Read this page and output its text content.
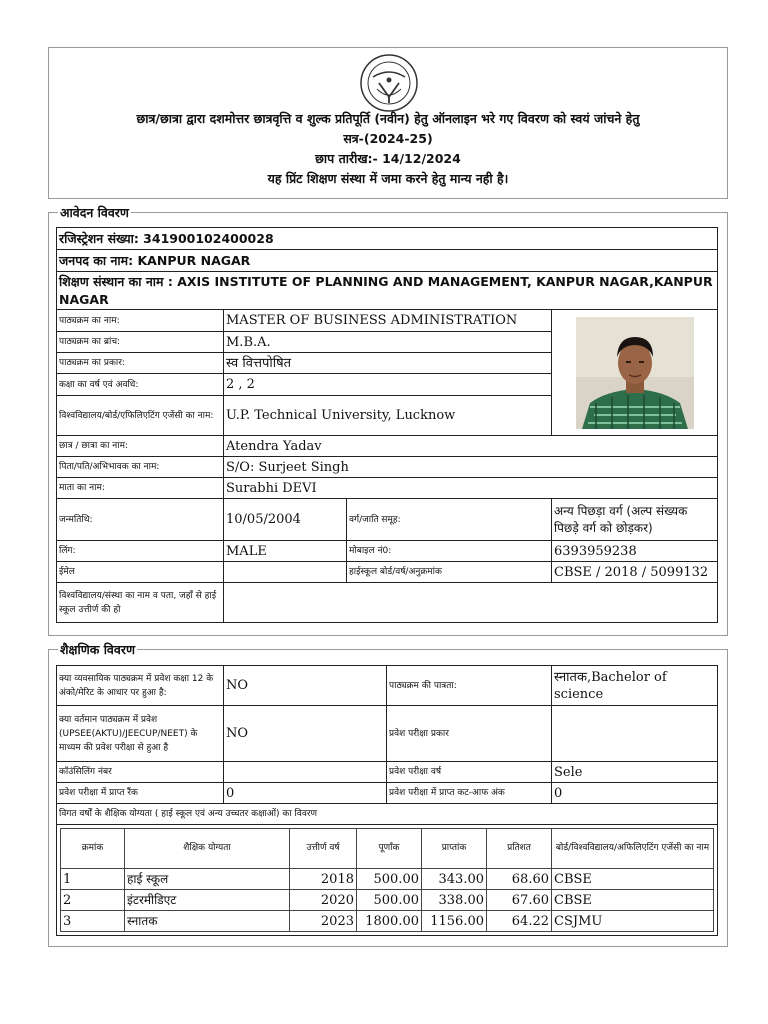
छात्र/छात्रा द्वारा दशमोत्तर छात्रवृत्ति व शुल्क प्रतिपूर्ति (नवीन) हेतु ऑनलाइन भरे गए विवरण को स्वयं जांचने हेतु
सत्र-(2024-25)
छाप तारीख:- 14/12/2024
यह प्रिंट शिक्षण संस्था में जमा करने हेतु मान्य नही है।
आवेदन विवरण
रजिस्ट्रेशन संख्या: 341900102400028			
जनपद का नाम: KANPUR NAGAR			
शिक्षण संस्थान का नाम : AXIS INSTITUTE OF PLANNING AND MANAGEMENT, KANPUR NAGAR,KANPUR NAGAR			
पाठ्यक्रम का नाम:	MASTER OF BUSINESS ADMINISTRATION	

पाठ्यक्रम का ब्रांच:	M.B.A.		
पाठ्यक्रम का प्रकार:	स्व वित्तपोषित		
कक्षा का वर्ष एवं अवधि:	2 , 2		
विश्वविद्यालय/बोर्ड/एफिलिएटिंग एजेंसी का नाम:	U.P. Technical University, Lucknow		
छात्र / छात्रा का नाम:	Atendra Yadav		
पिता/पति/अभिभावक का नाम:	S/O: Surjeet Singh		
माता का नाम:	Surabhi DEVI		
जन्मतिथि:	10/05/2004	वर्ग/जाति समूह:	अन्य पिछड़ा वर्ग (अल्प संख्यक पिछड़े वर्ग को छोड़कर)
लिंग:	MALE	मोबाइल नं0:	6393959238
ईमेल		हाईस्कूल बोर्ड/वर्ष/अनुक्रमांक	CBSE / 2018 / 5099132
विश्वविद्यालय/संस्था का नाम व पता, जहाँ से हाई स्कूल उत्तीर्ण की हो			
शैक्षणिक विवरण
क्या व्यवसायिक पाठ्यक्रम में प्रवेश कक्षा 12 के अंको/मेरिट के आधार पर हुआ है:	NO	पाठ्यक्रम की पात्रता:	स्नातक,Bachelor of science
क्या वर्तमान पाठ्यक्रम में प्रवेश (UPSEE(AKTU)/JEECUP/NEET) के माध्यम की प्रवेश परीक्षा से हुआ है	NO	प्रवेश परीक्षा प्रकार	
कॉउंसिलिंग नंबर		प्रवेश परीक्षा वर्ष	Sele
प्रवेश परीक्षा में प्राप्त रैंक	0	प्रवेश परीक्षा में प्राप्त कट-आफ अंक	0
विगत वर्षों के शैक्षिक योग्यता ( हाई स्कूल एवं अन्य उच्चतर कक्षाओं) का विवरण

क्रमांक	शैक्षिक योग्यता	उत्तीर्ण वर्ष	पूर्णांक	प्राप्तांक	प्रतिशत	बोर्ड/विश्वविद्यालय/अफिलिएटिंग एजेंसी का नाम
1	हाई स्कूल	2018	500.00	343.00	68.60	CBSE
2	इंटरमीडिएट	2020	500.00	338.00	67.60	CBSE
3	स्नातक	2023	1800.00	1156.00	64.22	CSJMU
